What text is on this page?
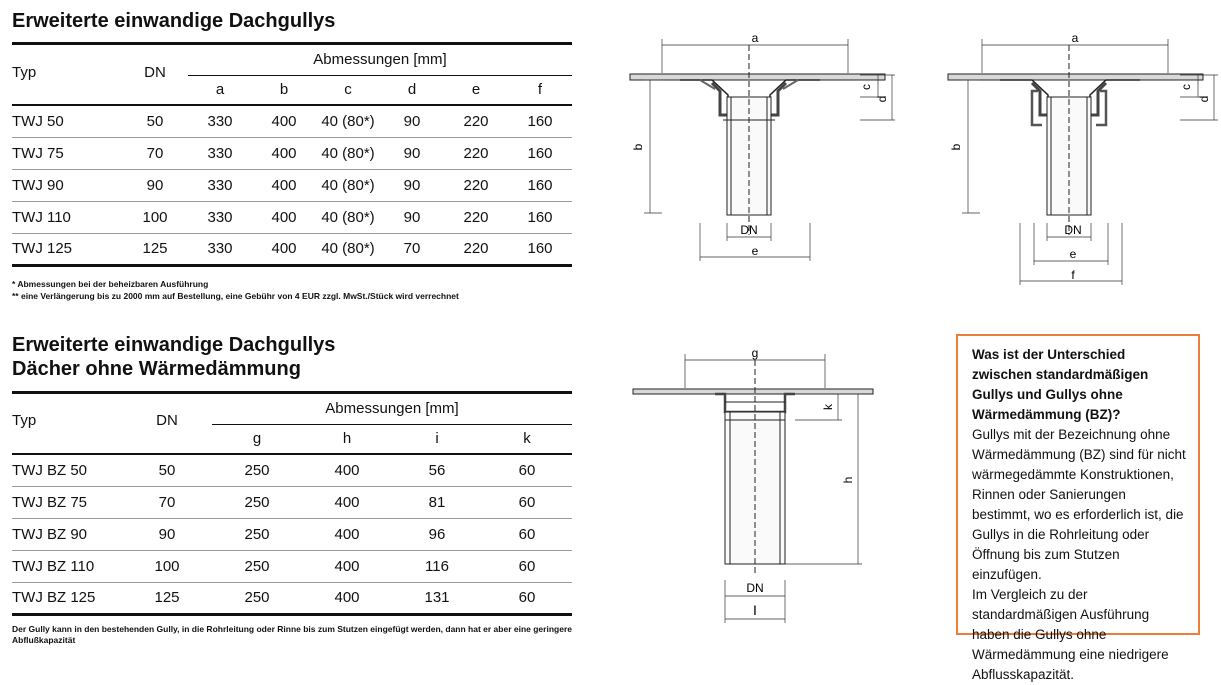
Erweiterte einwandige Dachgullys
Typ	DN	Abmessungen [mm]					
		a	b	c	d	e	f
TWJ 50	50	330	400	40 (80*)	90	220	160
TWJ 75	70	330	400	40 (80*)	90	220	160
TWJ 90	90	330	400	40 (80*)	90	220	160
TWJ 110	100	330	400	40 (80*)	90	220	160
TWJ 125	125	330	400	40 (80*)	70	220	160
* Abmessungen bei der beheizbaren Ausführung
** eine Verlängerung bis zu 2000 mm auf Bestellung, eine Gebühr von 4 EUR zzgl. MwSt./Stück wird verrechnet
Erweiterte einwandige Dachgullys
Dächer ohne Wärmedämmung
Typ	DN	Abmessungen [mm]			
		g	h	i	k
TWJ BZ 50	50	250	400	56	60
TWJ BZ 75	70	250	400	81	60
TWJ BZ 90	90	250	400	96	60
TWJ BZ 110	100	250	400	116	60
TWJ BZ 125	125	250	400	131	60
Der Gully kann in den bestehenden Gully, in die Rohrleitung oder Rinne bis zum Stutzen eingefügt werden, dann hat er aber eine geringere Abflußkapazität
a
b
c
d
DN
e
a
b
c
d
DN
e
f
g
k
h
DN
I

Was ist der Unterschied zwischen standardmäßigen Gullys und Gullys ohne Wärmedämmung (BZ)?

Gullys mit der Bezeichnung ohne Wärmedämmung (BZ) sind für nicht wärmegedämmte Konstruktionen, Rinnen oder Sanierungen bestimmt, wo es erforderlich ist, die Gullys in die Rohrleitung oder Öffnung bis zum Stutzen einzufügen.

Im Vergleich zu der standardmäßigen Ausführung haben die Gullys ohne Wärmedämmung eine niedrigere Abflusskapazität.
